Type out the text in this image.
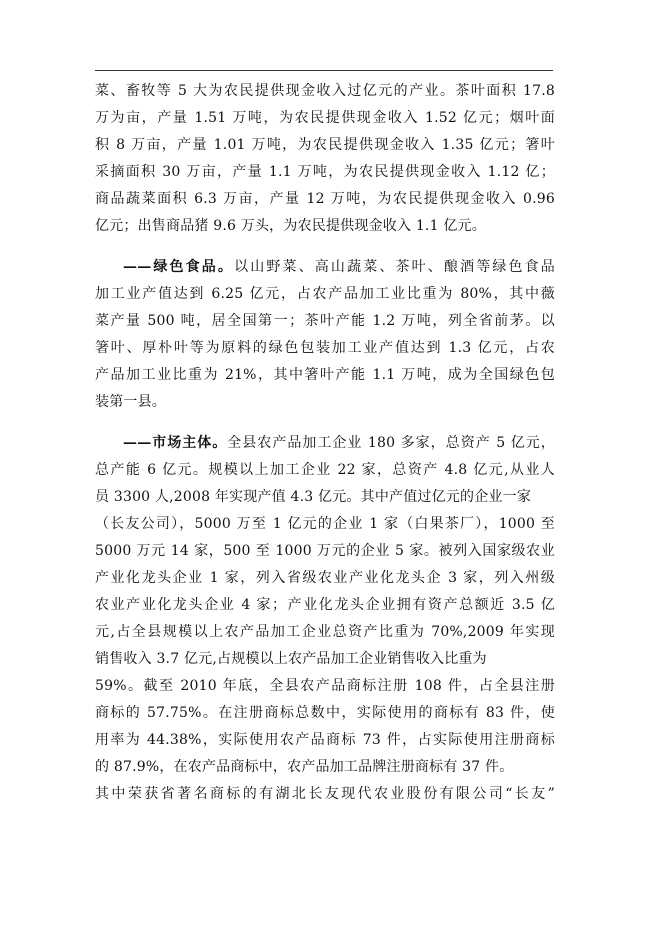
菜、畜牧等 5 大为农民提供现金收入过亿元的产业。茶叶面积 17.8
万为亩，产量 1.51 万吨，为农民提供现金收入 1.52 亿元；烟叶面
积 8 万亩，产量 1.01 万吨，为农民提供现金收入 1.35 亿元；箸叶
采摘面积 30 万亩，产量 1.1 万吨，为农民提供现金收入 1.12 亿；
商品蔬菜面积 6.3 万亩，产量 12 万吨，为农民提供现金收入 0.96
亿元；出售商品猪 9.6 万头，为农民提供现金收入 1.1 亿元。
——绿色食品。以山野菜、高山蔬菜、茶叶、酿酒等绿色食品
加工业产值达到 6.25 亿元，占农产品加工业比重为 80%，其中薇
菜产量 500 吨，居全国第一；茶叶产能 1.2 万吨，列全省前茅。以
箸叶、厚朴叶等为原料的绿色包装加工业产值达到 1.3 亿元，占农
产品加工业比重为 21%，其中箸叶产能 1.1 万吨，成为全国绿色包
装第一县。
——市场主体。全县农产品加工企业 180 多家，总资产 5 亿元，
总产能 6 亿元。规模以上加工企业 22 家，总资产 4.8 亿元,从业人
员 3300 人,2008 年实现产值 4.3 亿元。其中产值过亿元的企业一家
（长友公司），5000 万至 1 亿元的企业 1 家（白果茶厂），1000 至
5000 万元 14 家，500 至 1000 万元的企业 5 家。被列入国家级农业
产业化龙头企业 1 家，列入省级农业产业化龙头企 3 家，列入州级
农业产业化龙头企业 4 家；产业化龙头企业拥有资产总额近 3.5 亿
元,占全县规模以上农产品加工企业总资产比重为 70%,2009 年实现
销售收入 3.7 亿元,占规模以上农产品加工企业销售收入比重为
59%。截至 2010 年底，全县农产品商标注册 108 件，占全县注册
商标的 57.75%。在注册商标总数中，实际使用的商标有 83 件，使
用率为 44.38%，实际使用农产品商标 73 件，占实际使用注册商标
的 87.9%，在农产品商标中，农产品加工品牌注册商标有 37 件。
其中荣获省著名商标的有湖北长友现代农业股份有限公司“长友”
